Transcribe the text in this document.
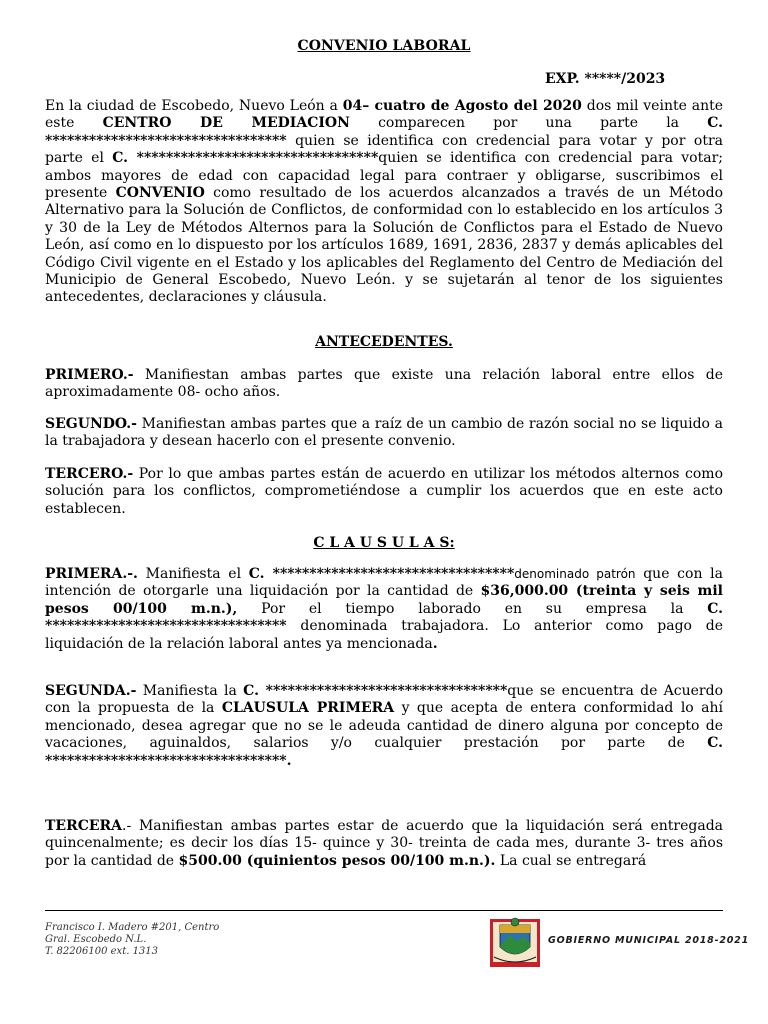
CONVENIO LABORAL
EXP. *****/2023
En la ciudad de Escobedo, Nuevo León a 04– cuatro de Agosto del 2020 dos mil veinte ante este CENTRO DE MEDIACION comparecen por una parte la C. ********************************* quien se identifica con credencial para votar y por otra parte el C. *********************************quien se identifica con credencial para votar; ambos mayores de edad con capacidad legal para contraer y obligarse, suscribimos el presente CONVENIO como resultado de los acuerdos alcanzados a través de un Método Alternativo para la Solución de Conflictos, de conformidad con lo establecido en los artículos 3 y 30 de la Ley de Métodos Alternos para la Solución de Conflictos para el Estado de Nuevo León, así como en lo dispuesto por los artículos 1689, 1691, 2836, 2837 y demás aplicables del Código Civil vigente en el Estado y los aplicables del Reglamento del Centro de Mediación del Municipio de General Escobedo, Nuevo León. y se sujetarán al tenor de los siguientes antecedentes, declaraciones y cláusula.
ANTECEDENTES.
PRIMERO.- Manifiestan ambas partes que existe una relación laboral entre ellos de aproximadamente 08- ocho años.
SEGUNDO.- Manifiestan ambas partes que a raíz de un cambio de razón social no se liquido a la trabajadora y desean hacerlo con el presente convenio.
TERCERO.- Por lo que ambas partes están de acuerdo en utilizar los métodos alternos como solución para los conflictos, comprometiéndose a cumplir los acuerdos que en este acto establecen.
C L A U S U L A S:
PRIMERA.-. Manifiesta el C. *********************************denominado patrón que con la intención de otorgarle una liquidación por la cantidad de $36,000.00 (treinta y seis mil pesos 00/100 m.n.), Por el tiempo laborado en su empresa la C. ********************************* denominada trabajadora. Lo anterior como pago de liquidación de la relación laboral antes ya mencionada.
SEGUNDA.- Manifiesta la C. *********************************que se encuentra de Acuerdo con la propuesta de la CLAUSULA PRIMERA y que acepta de entera conformidad lo ahí mencionado, desea agregar que no se le adeuda cantidad de dinero alguna por concepto de vacaciones, aguinaldos, salarios y/o cualquier prestación por parte de C. *********************************.
TERCERA.- Manifiestan ambas partes estar de acuerdo que la liquidación será entregada quincenalmente; es decir los días 15- quince y 30- treinta de cada mes, durante 3- tres años por la cantidad de $500.00 (quinientos pesos 00/100 m.n.). La cual se entregará
Francisco I. Madero #201, Centro
Gral. Escobedo N.L.
T. 82206100 ext. 1313
GOBIERNO MUNICIPAL 2018-2021
